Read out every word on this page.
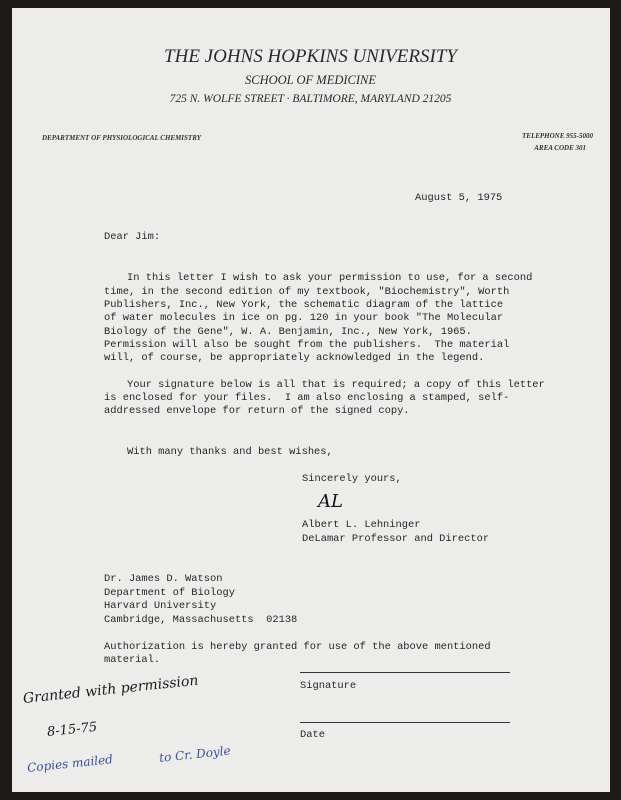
THE JOHNS HOPKINS UNIVERSITY
SCHOOL OF MEDICINE
725 N. WOLFE STREET · BALTIMORE, MARYLAND 21205
DEPARTMENT OF PHYSIOLOGICAL CHEMISTRY	TELEPHONE 955-5000
AREA CODE 301
August 5, 1975
Dear Jim:
In this letter I wish to ask your permission to use, for a second
time, in the second edition of my textbook, "Biochemistry", Worth
Publishers, Inc., New York, the schematic diagram of the lattice
of water molecules in ice on pg. 120 in your book "The Molecular
Biology of the Gene", W. A. Benjamin, Inc., New York, 1965.
Permission will also be sought from the publishers.  The material
will, of course, be appropriately acknowledged in the legend.
Your signature below is all that is required; a copy of this letter
is enclosed for your files.  I am also enclosing a stamped, self-
addressed envelope for return of the signed copy.
With many thanks and best wishes,
Sincerely yours,
AL
Albert L. Lehninger
DeLamar Professor and Director
Dr. James D. Watson
Department of Biology
Harvard University
Cambridge, Massachusetts  02138
Authorization is hereby granted for use of the above mentioned
material.
Signature
Date
Granted with permission
8-15-75
Copies mailed	to Cr. Doyle
